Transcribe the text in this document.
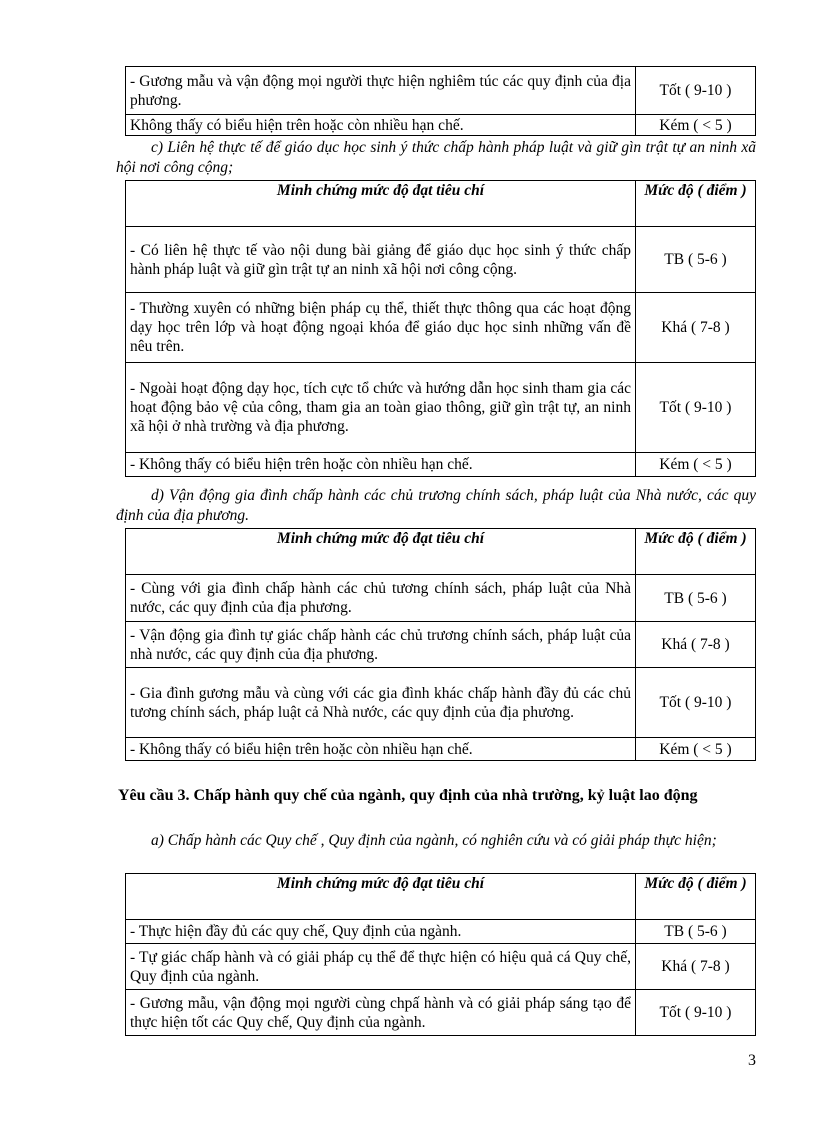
- Gương mẫu và vận động mọi người thực hiện nghiêm túc các quy định của địa phương.	Tốt ( 9-10 )
Không thấy có biểu hiện trên hoặc còn nhiều hạn chế.	Kém ( < 5 )
c) Liên hệ thực tế để giáo dục học sinh ý thức chấp hành pháp luật và giữ gìn trật tự an ninh xã hội nơi công cộng;
Minh chứng mức độ đạt tiêu chí	Mức độ ( điểm )
- Có liên hệ thực tế vào nội dung bài giảng để giáo dục học sinh ý thức chấp hành pháp luật và giữ gìn trật tự an ninh xã hội nơi công cộng.	TB ( 5-6 )
- Thường xuyên có những biện pháp cụ thể, thiết thực thông qua các hoạt động dạy học trên lớp và hoạt động ngoại khóa để giáo dục học sinh những vấn đề nêu trên.	Khá ( 7-8 )
- Ngoài hoạt động dạy học, tích cực tổ chức và hướng dẫn học sinh tham gia các hoạt động bảo vệ của công, tham gia an toàn giao thông, giữ gìn trật tự, an ninh xã hội ở nhà trường và địa phương.	Tốt ( 9-10 )
- Không thấy có biểu hiện trên hoặc còn nhiều hạn chế.	Kém ( < 5 )
d) Vận động gia đình chấp hành các chủ trương chính sách, pháp luật của Nhà nước, các quy định của địa phương.
Minh chứng mức độ đạt tiêu chí	Mức độ ( điểm )
- Cùng với gia đình chấp hành các chủ tương chính sách, pháp luật của Nhà nước, các quy định của địa phương.	TB ( 5-6 )
- Vận động gia đình tự giác chấp hành các chủ trương chính sách, pháp luật của nhà nước, các quy định của địa phương.	Khá ( 7-8 )
- Gia đình gương mẫu và cùng với các gia đình khác chấp hành đầy đủ các chủ tương chính sách, pháp luật cả Nhà nước, các quy định của địa phương.	Tốt ( 9-10 )
- Không thấy có biểu hiện trên hoặc còn nhiều hạn chế.	Kém ( < 5 )
Yêu cầu 3. Chấp hành quy chế của ngành, quy định của nhà trường, kỷ luật lao động
a) Chấp hành các Quy chế , Quy định của ngành, có nghiên cứu và có giải pháp thực hiện;
Minh chứng mức độ đạt tiêu chí	Mức độ ( điểm )
- Thực hiện đầy đủ các quy chế, Quy định của ngành.	TB ( 5-6 )
- Tự giác chấp hành và có giải pháp cụ thể để thực hiện có hiệu quả cá Quy chế, Quy định của ngành.	Khá ( 7-8 )
- Gương mẫu, vận động mọi người cùng chpấ hành và có giải pháp sáng tạo để thực hiện tốt các Quy chế, Quy định của ngành.	Tốt ( 9-10 )
3
